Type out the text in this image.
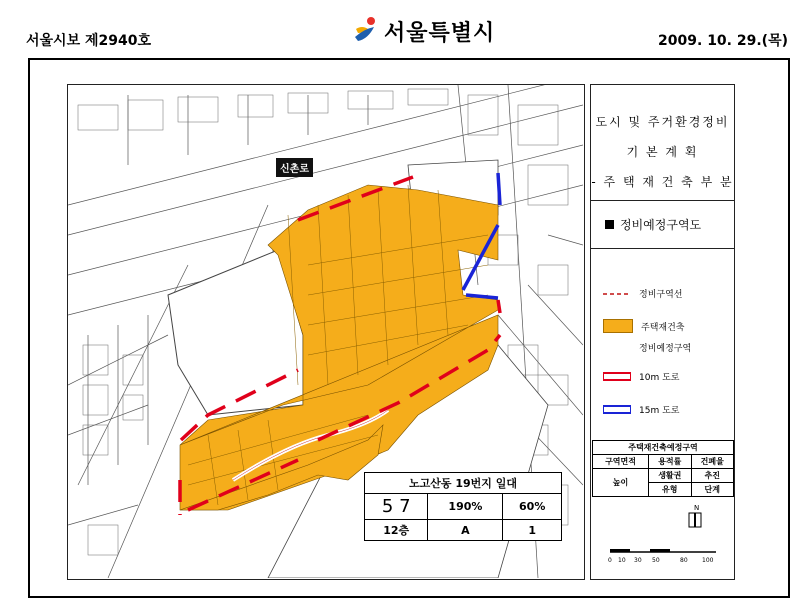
서울시보 제2940호	서울특별시	2009. 10. 29.(목)
신촌로
노고산동 19번지 일대		
5 7	190%	60%
12층	A	1
도시 및 주거환경정비
기 본 계 획
- 주 택 재 건 축 부 분
정비예정구역도
정비구역선
주택재건축
정비예정구역
10m 도로
15m 도로
주택재건축예정구역		
구역면적	용적률	건폐율
높이	생활권	추진
	유형	단계
N
0 10 30 50	80 100
